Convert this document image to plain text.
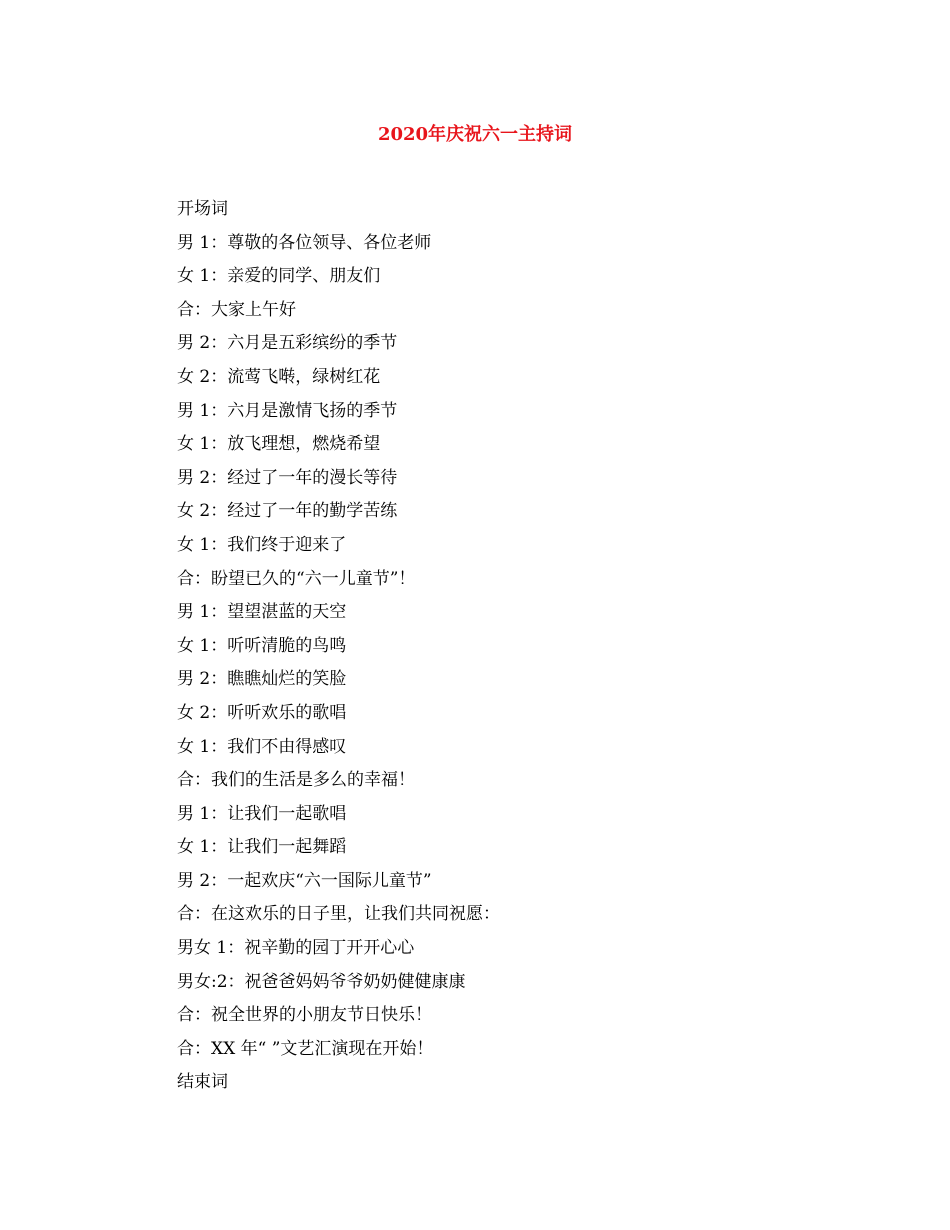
2020年庆祝六一主持词
开场词
男 1：尊敬的各位领导、各位老师
女 1：亲爱的同学、朋友们
合：大家上午好
男 2：六月是五彩缤纷的季节
女 2：流莺飞啭，绿树红花
男 1：六月是激情飞扬的季节
女 1：放飞理想，燃烧希望
男 2：经过了一年的漫长等待
女 2：经过了一年的勤学苦练
女 1：我们终于迎来了
合：盼望已久的“六一儿童节”！
男 1：望望湛蓝的天空
女 1：听听清脆的鸟鸣
男 2：瞧瞧灿烂的笑脸
女 2：听听欢乐的歌唱
女 1：我们不由得感叹
合：我们的生活是多么的幸福！
男 1：让我们一起歌唱
女 1：让我们一起舞蹈
男 2：一起欢庆“六一国际儿童节”
合：在这欢乐的日子里，让我们共同祝愿：
男女 1：祝辛勤的园丁开开心心
男女:2：祝爸爸妈妈爷爷奶奶健健康康
合：祝全世界的小朋友节日快乐！
合：XX 年“ ”文艺汇演现在开始！
结束词
